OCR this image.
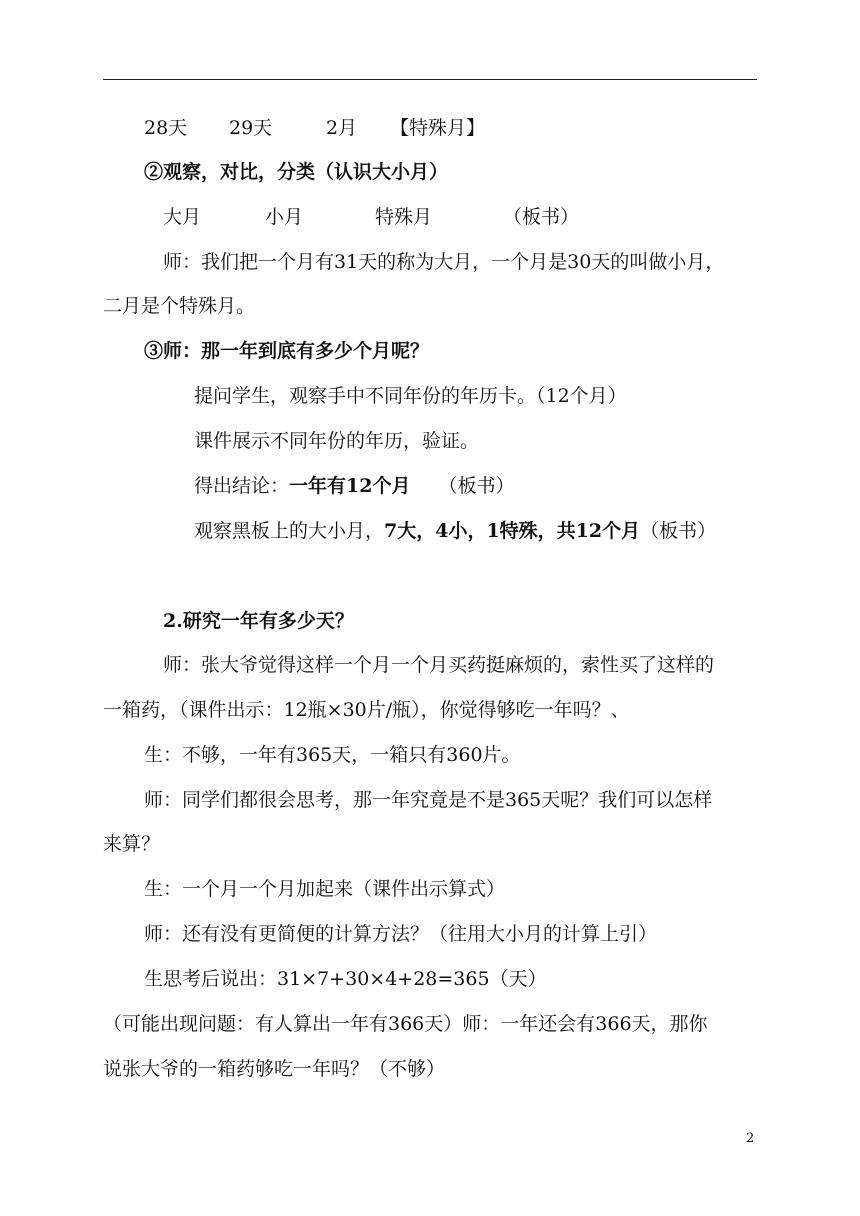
28天 29天	2月 【特殊月】
②观察，对比，分类（认识大小月）
大月	小月	特殊月	（板书）
师：我们把一个月有31天的称为大月，一个月是30天的叫做小月，
二月是个特殊月。
③师：那一年到底有多少个月呢？
提问学生，观察手中不同年份的年历卡。（12个月）
课件展示不同年份的年历，验证。
得出结论：一年有12个月 （板书）
观察黑板上的大小月，7大，4小，1特殊，共12个月（板书）
2.研究一年有多少天？
师：张大爷觉得这样一个月一个月买药挺麻烦的，索性买了这样的
一箱药，（课件出示：12瓶×30片/瓶），你觉得够吃一年吗？、
生：不够，一年有365天，一箱只有360片。
师：同学们都很会思考，那一年究竟是不是365天呢？我们可以怎样
来算？
生：一个月一个月加起来（课件出示算式）
师：还有没有更简便的计算方法？（往用大小月的计算上引）
生思考后说出：31×7+30×4+28=365（天）
（可能出现问题：有人算出一年有366天）师：一年还会有366天，那你
说张大爷的一箱药够吃一年吗？（不够）
2
